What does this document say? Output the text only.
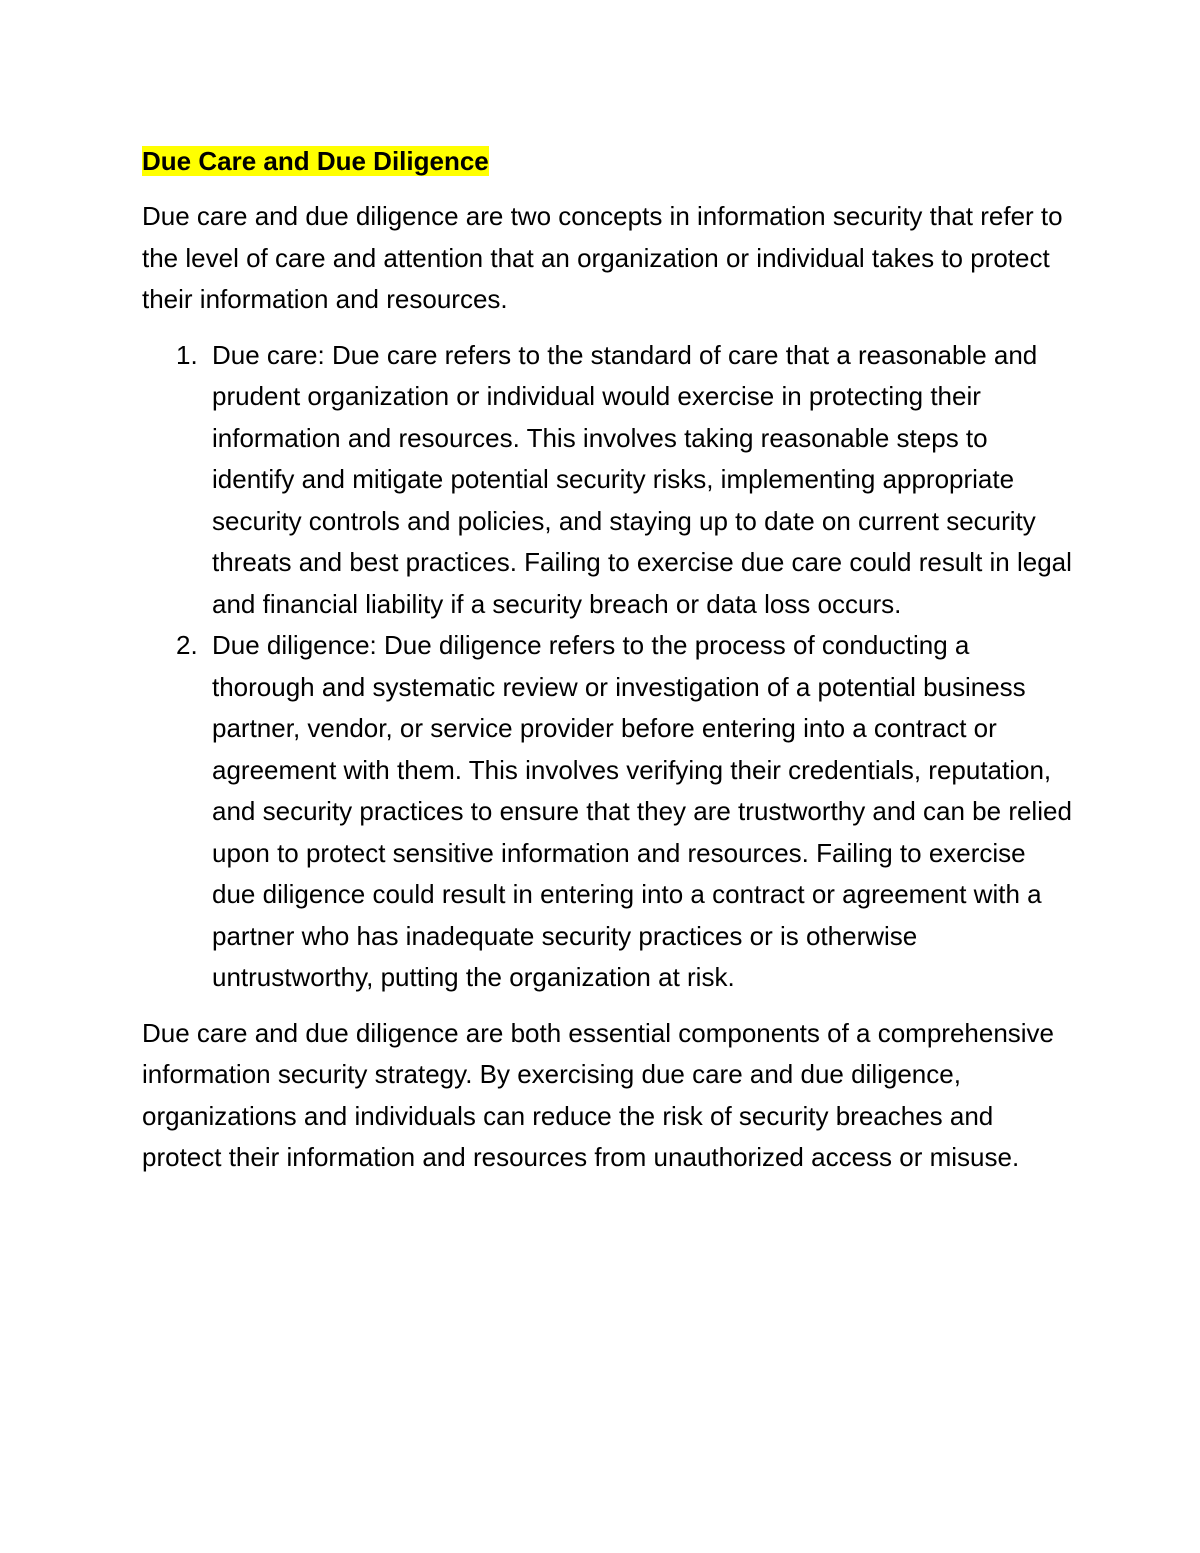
Due Care and Due Diligence

Due care and due diligence are two concepts in information security that refer to the level of care and attention that an organization or individual takes to protect their information and resources.

1. Due care: Due care refers to the standard of care that a reasonable and prudent organization or individual would exercise in protecting their information and resources. This involves taking reasonable steps to identify and mitigate potential security risks, implementing appropriate security controls and policies, and staying up to date on current security threats and best practices. Failing to exercise due care could result in legal and financial liability if a security breach or data loss occurs.
2. Due diligence: Due diligence refers to the process of conducting a thorough and systematic review or investigation of a potential business partner, vendor, or service provider before entering into a contract or agreement with them. This involves verifying their credentials, reputation, and security practices to ensure that they are trustworthy and can be relied upon to protect sensitive information and resources. Failing to exercise due diligence could result in entering into a contract or agreement with a partner who has inadequate security practices or is otherwise untrustworthy, putting the organization at risk.

Due care and due diligence are both essential components of a comprehensive information security strategy. By exercising due care and due diligence, organizations and individuals can reduce the risk of security breaches and protect their information and resources from unauthorized access or misuse.
